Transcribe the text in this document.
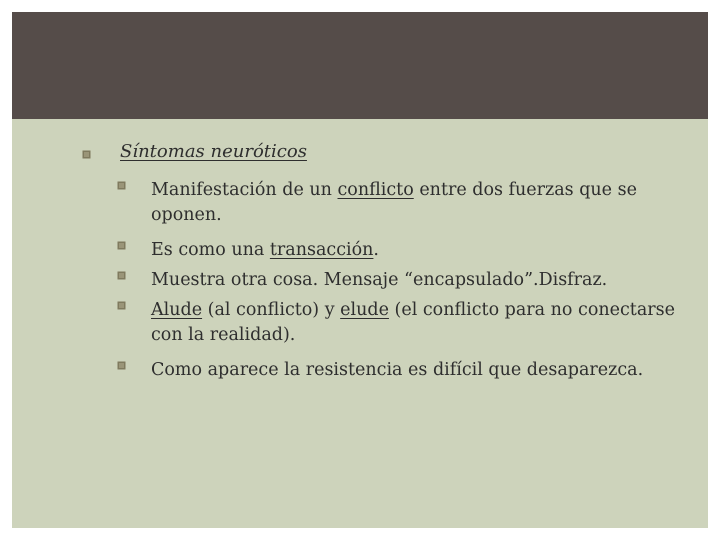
Síntomas neuróticos
Manifestación de un conflicto entre dos fuerzas que se oponen.
Es como una transacción.
Muestra otra cosa. Mensaje “encapsulado”.Disfraz.
Alude (al conflicto) y elude (el conflicto para no conectarse con la realidad).
Como aparece la resistencia es difícil que desaparezca.
